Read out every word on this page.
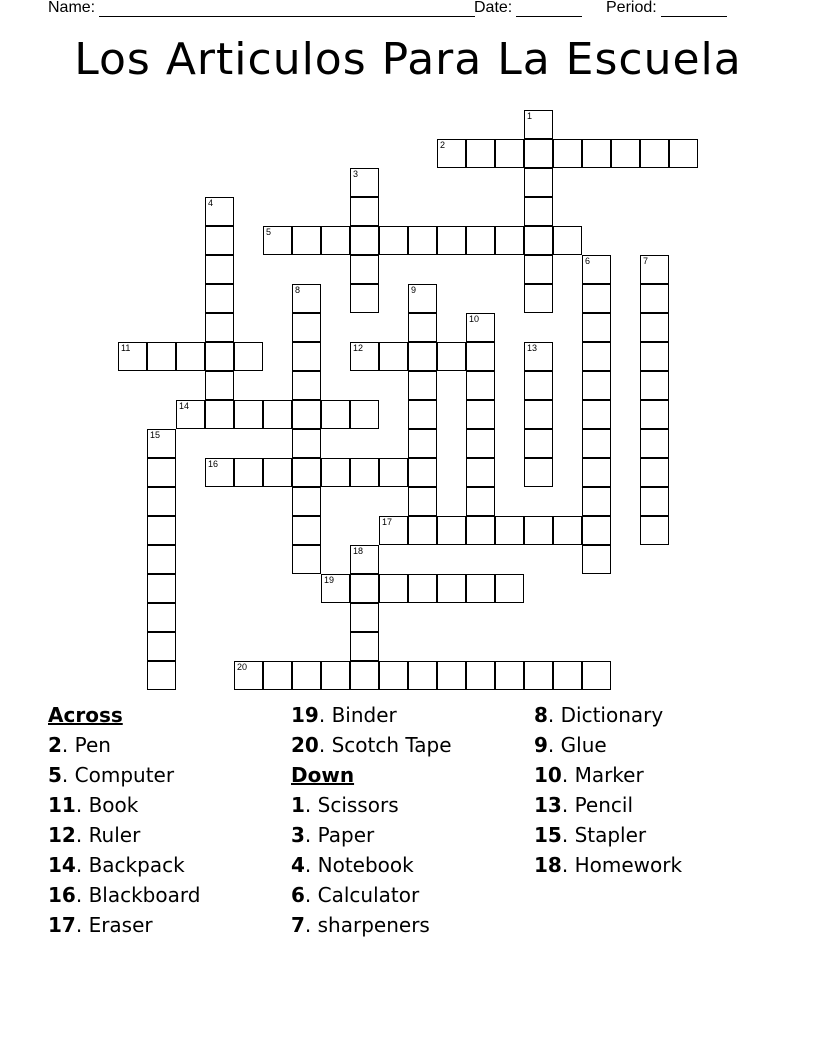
Name:	Date:	Period:
Los Articulos Para La Escuela
1
2
3
4
5
6	7
8	9
10
11	12	13
14
15
16
17
18
19
20
Across
2. Pen
5. Computer
11. Book
12. Ruler
14. Backpack
16. Blackboard
17. Eraser
19. Binder
20. Scotch Tape
Down
1. Scissors
3. Paper
4. Notebook
6. Calculator
7. sharpeners
8. Dictionary
9. Glue
10. Marker
13. Pencil
15. Stapler
18. Homework
